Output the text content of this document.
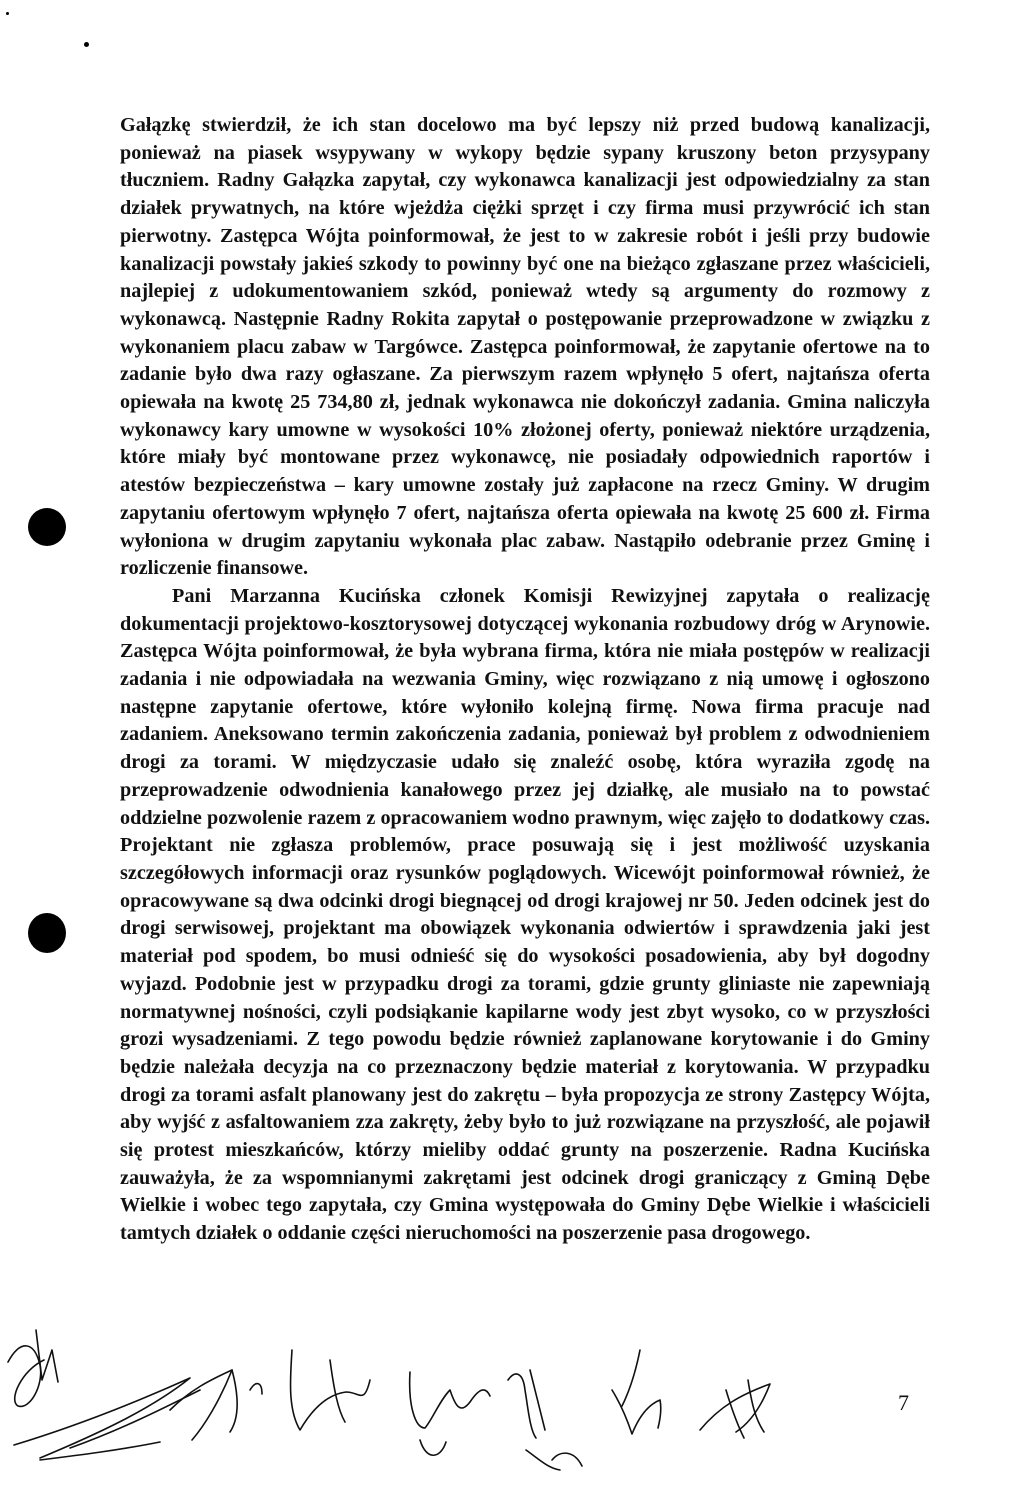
Gałązkę stwierdził, że ich stan docelowo ma być lepszy niż przed budową kanalizacji, ponieważ na piasek wsypywany w wykopy będzie sypany kruszony beton przysypany tłuczniem. Radny Gałązka zapytał, czy wykonawca kanalizacji jest odpowiedzialny za stan działek prywatnych, na które wjeżdża ciężki sprzęt i czy firma musi przywrócić ich stan pierwotny. Zastępca Wójta poinformował, że jest to w zakresie robót i jeśli przy budowie kanalizacji powstały jakieś szkody to powinny być one na bieżąco zgłaszane przez właścicieli, najlepiej z udokumentowaniem szkód, ponieważ wtedy są argumenty do rozmowy z wykonawcą. Następnie Radny Rokita zapytał o postępowanie przeprowadzone w związku z wykonaniem placu zabaw w Targówce. Zastępca poinformował, że zapytanie ofertowe na to zadanie było dwa razy ogłaszane. Za pierwszym razem wpłynęło 5 ofert, najtańsza oferta opiewała na kwotę 25 734,80 zł, jednak wykonawca nie dokończył zadania. Gmina naliczyła wykonawcy kary umowne w wysokości 10% złożonej oferty, ponieważ niektóre urządzenia, które miały być montowane przez wykonawcę, nie posiadały odpowiednich raportów i atestów bezpieczeństwa – kary umowne zostały już zapłacone na rzecz Gminy. W drugim zapytaniu ofertowym wpłynęło 7 ofert, najtańsza oferta opiewała na kwotę 25 600 zł. Firma wyłoniona w drugim zapytaniu wykonała plac zabaw. Nastąpiło odebranie przez Gminę i rozliczenie finansowe.

Pani Marzanna Kucińska członek Komisji Rewizyjnej zapytała o realizację dokumentacji projektowo-kosztorysowej dotyczącej wykonania rozbudowy dróg w Arynowie. Zastępca Wójta poinformował, że była wybrana firma, która nie miała postępów w realizacji zadania i nie odpowiadała na wezwania Gminy, więc rozwiązano z nią umowę i ogłoszono następne zapytanie ofertowe, które wyłoniło kolejną firmę. Nowa firma pracuje nad zadaniem. Aneksowano termin zakończenia zadania, ponieważ był problem z odwodnieniem drogi za torami. W międzyczasie udało się znaleźć osobę, która wyraziła zgodę na przeprowadzenie odwodnienia kanałowego przez jej działkę, ale musiało na to powstać oddzielne pozwolenie razem z opracowaniem wodno prawnym, więc zajęło to dodatkowy czas. Projektant nie zgłasza problemów, prace posuwają się i jest możliwość uzyskania szczegółowych informacji oraz rysunków poglądowych. Wicewójt poinformował również, że opracowywane są dwa odcinki drogi biegnącej od drogi krajowej nr 50. Jeden odcinek jest do drogi serwisowej, projektant ma obowiązek wykonania odwiertów i sprawdzenia jaki jest materiał pod spodem, bo musi odnieść się do wysokości posadowienia, aby był dogodny wyjazd. Podobnie jest w przypadku drogi za torami, gdzie grunty gliniaste nie zapewniają normatywnej nośności, czyli podsiąkanie kapilarne wody jest zbyt wysoko, co w przyszłości grozi wysadzeniami. Z tego powodu będzie również zaplanowane korytowanie i do Gminy będzie należała decyzja na co przeznaczony będzie materiał z korytowania. W przypadku drogi za torami asfalt planowany jest do zakrętu – była propozycja ze strony Zastępcy Wójta, aby wyjść z asfaltowaniem zza zakręty, żeby było to już rozwiązane na przyszłość, ale pojawił się protest mieszkańców, którzy mieliby oddać grunty na poszerzenie. Radna Kucińska zauważyła, że za wspomnianymi zakrętami jest odcinek drogi graniczący z Gminą Dębe Wielkie i wobec tego zapytała, czy Gmina występowała do Gminy Dębe Wielkie i właścicieli tamtych działek o oddanie części nieruchomości na poszerzenie pasa drogowego.

7
